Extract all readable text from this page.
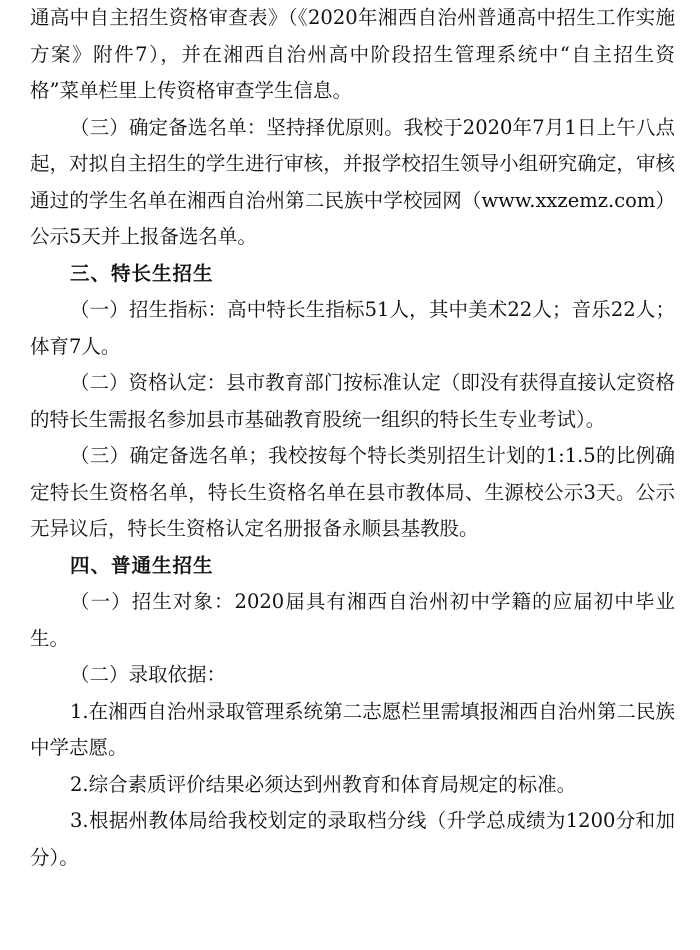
通高中自主招生资格审查表》（《2020年湘西自治州普通高中招生工作实施方案》附件7），并在湘西自治州高中阶段招生管理系统中“自主招生资格”菜单栏里上传资格审查学生信息。

（三）确定备选名单：坚持择优原则。我校于2020年7月1日上午八点起，对拟自主招生的学生进行审核，并报学校招生领导小组研究确定，审核通过的学生名单在湘西自治州第二民族中学校园网（www.xxzemz.com）公示5天并上报备选名单。

三、特长生招生

（一）招生指标：高中特长生指标51人，其中美术22人；音乐22人；体育7人。

（二）资格认定：县市教育部门按标准认定（即没有获得直接认定资格的特长生需报名参加县市基础教育股统一组织的特长生专业考试）。

（三）确定备选名单；我校按每个特长类别招生计划的1:1.5的比例确定特长生资格名单，特长生资格名单在县市教体局、生源校公示3天。公示无异议后，特长生资格认定名册报备永顺县基教股。

四、普通生招生

（一）招生对象：2020届具有湘西自治州初中学籍的应届初中毕业生。

（二）录取依据：

1.在湘西自治州录取管理系统第二志愿栏里需填报湘西自治州第二民族中学志愿。

2.综合素质评价结果必须达到州教育和体育局规定的标准。

3.根据州教体局给我校划定的录取档分线（升学总成绩为1200分和加分）。
